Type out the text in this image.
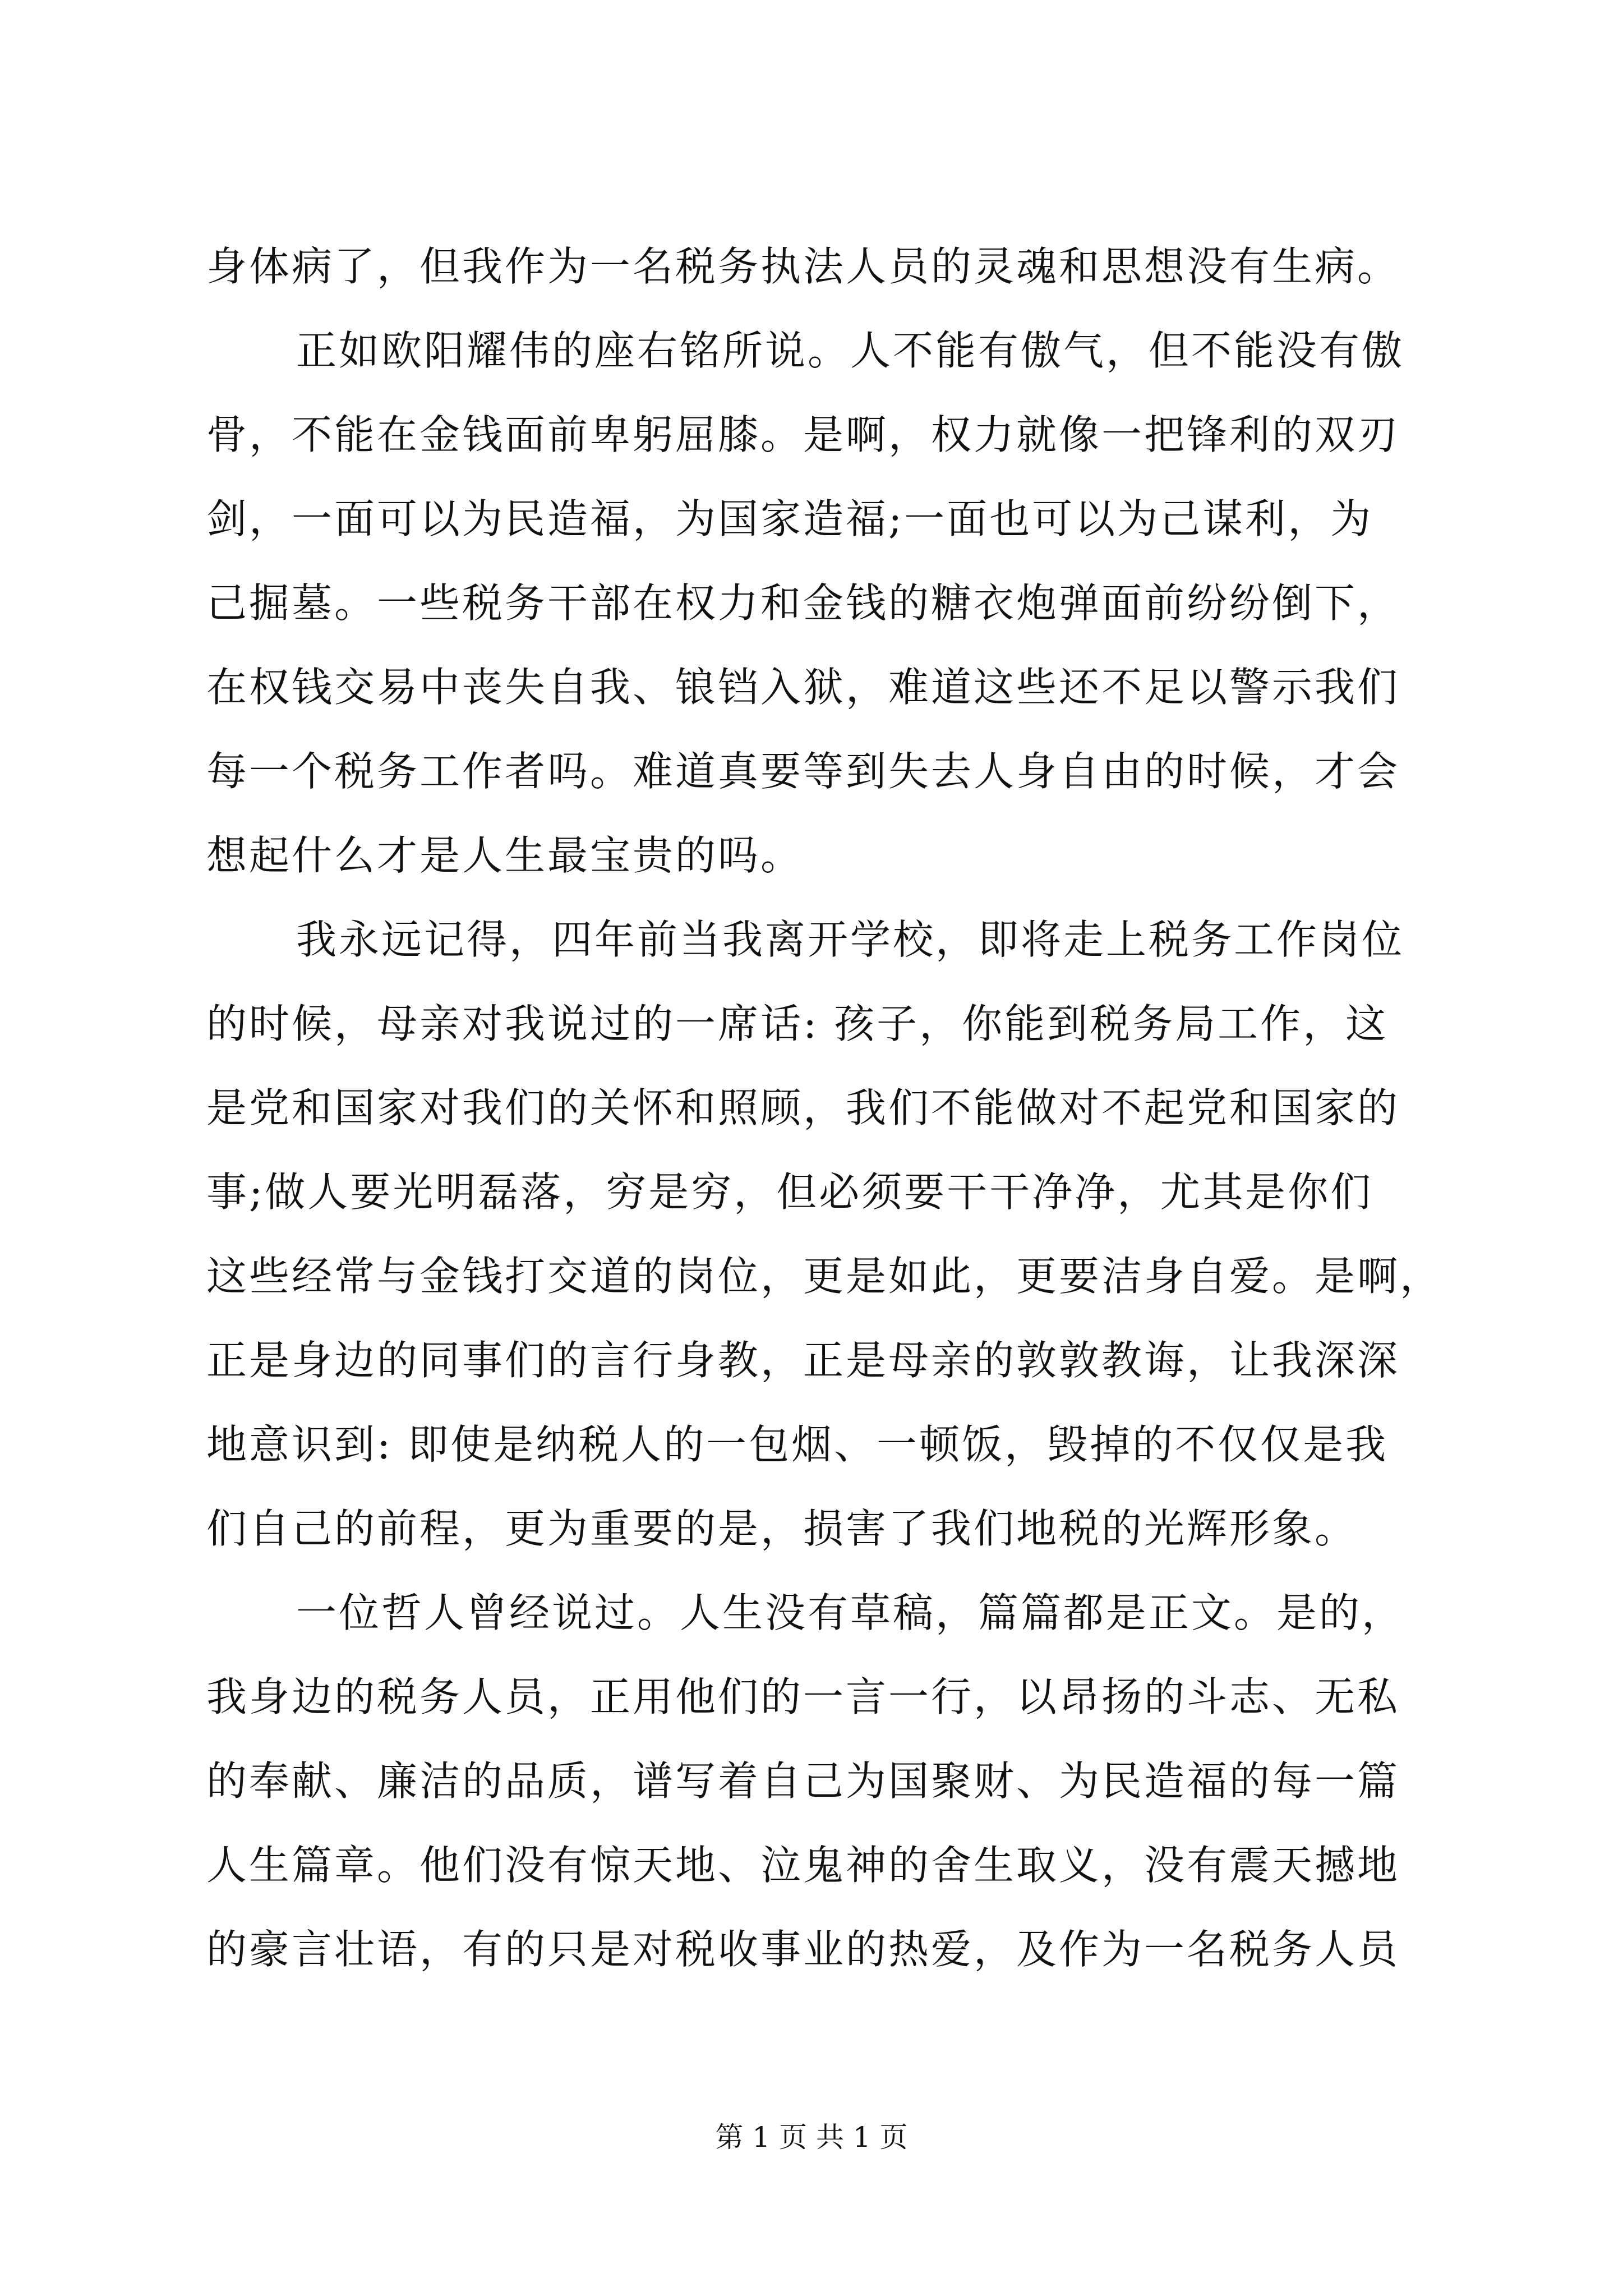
身体病了，但我作为一名税务执法人员的灵魂和思想没有生病。
正如欧阳耀伟的座右铭所说。人不能有傲气，但不能没有傲
骨，不能在金钱面前卑躬屈膝。是啊，权力就像一把锋利的双刃
剑，一面可以为民造福，为国家造福;一面也可以为己谋利，为
己掘墓。一些税务干部在权力和金钱的糖衣炮弹面前纷纷倒下，
在权钱交易中丧失自我、锒铛入狱，难道这些还不足以警示我们
每一个税务工作者吗。难道真要等到失去人身自由的时候，才会
想起什么才是人生最宝贵的吗。
我永远记得，四年前当我离开学校，即将走上税务工作岗位
的时候，母亲对我说过的一席话: 孩子，你能到税务局工作，这
是党和国家对我们的关怀和照顾，我们不能做对不起党和国家的
事;做人要光明磊落，穷是穷，但必须要干干净净，尤其是你们
这些经常与金钱打交道的岗位，更是如此，更要洁身自爱。是啊，
正是身边的同事们的言行身教，正是母亲的敦敦教诲，让我深深
地意识到: 即使是纳税人的一包烟、一顿饭，毁掉的不仅仅是我
们自己的前程，更为重要的是，损害了我们地税的光辉形象。
一位哲人曾经说过。人生没有草稿，篇篇都是正文。是的，
我身边的税务人员，正用他们的一言一行，以昂扬的斗志、无私
的奉献、廉洁的品质，谱写着自己为国聚财、为民造福的每一篇
人生篇章。他们没有惊天地、泣鬼神的舍生取义，没有震天撼地
的豪言壮语，有的只是对税收事业的热爱，及作为一名税务人员
第 1 页 共 1 页
